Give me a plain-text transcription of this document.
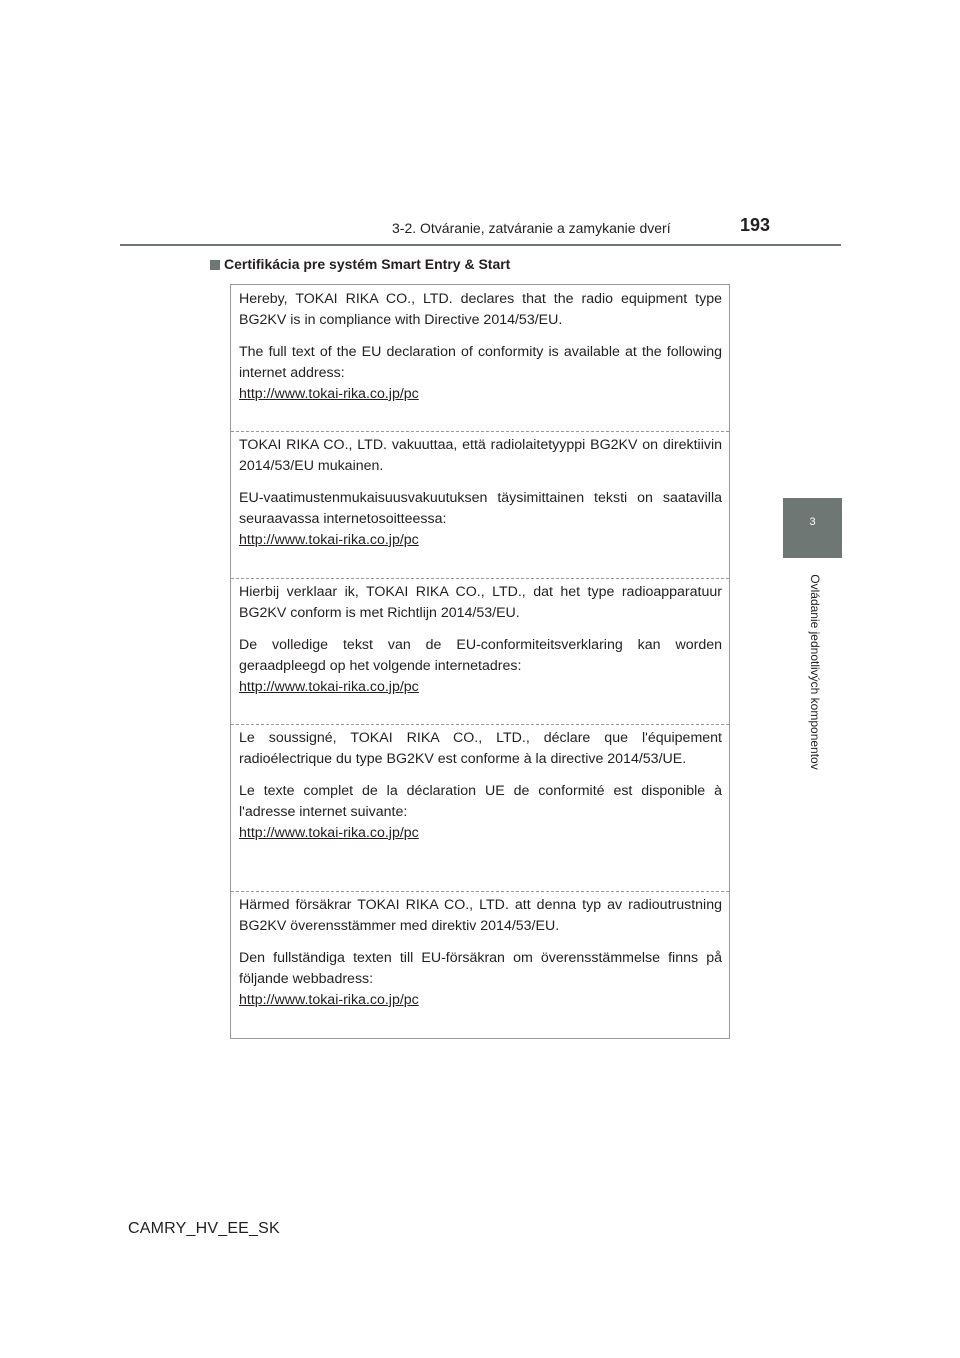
3-2. Otváranie, zatváranie a zamykanie dverí	193
3
Ovládanie jednotlivých komponentov
Certifikácia pre systém Smart Entry & Start

Hereby, TOKAI RIKA CO., LTD. declares that the radio equipment type BG2KV is in compliance with Directive 2014/53/EU.

The full text of the EU declaration of conformity is available at the following internet address:

http://www.tokai-rika.co.jp/pc

TOKAI RIKA CO., LTD. vakuuttaa, että radiolaitetyyppi BG2KV on direktiivin 2014/53/EU mukainen.

EU-vaatimustenmukaisuusvakuutuksen täysimittainen teksti on saatavilla seuraavassa internetosoitteessa:

http://www.tokai-rika.co.jp/pc

Hierbij verklaar ik, TOKAI RIKA CO., LTD., dat het type radioapparatuur BG2KV conform is met Richtlijn 2014/53/EU.

De volledige tekst van de EU-conformiteitsverklaring kan worden geraadpleegd op het volgende internetadres:

http://www.tokai-rika.co.jp/pc

Le soussigné, TOKAI RIKA CO., LTD., déclare que l'équipement radioélectrique du type BG2KV est conforme à la directive 2014/53/UE.

Le texte complet de la déclaration UE de conformité est disponible à l'adresse internet suivante:

http://www.tokai-rika.co.jp/pc

Härmed försäkrar TOKAI RIKA CO., LTD. att denna typ av radioutrustning BG2KV överensstämmer med direktiv 2014/53/EU.

Den fullständiga texten till EU-försäkran om överensstämmelse finns på följande webbadress:

http://www.tokai-rika.co.jp/pc

CAMRY_HV_EE_SK
